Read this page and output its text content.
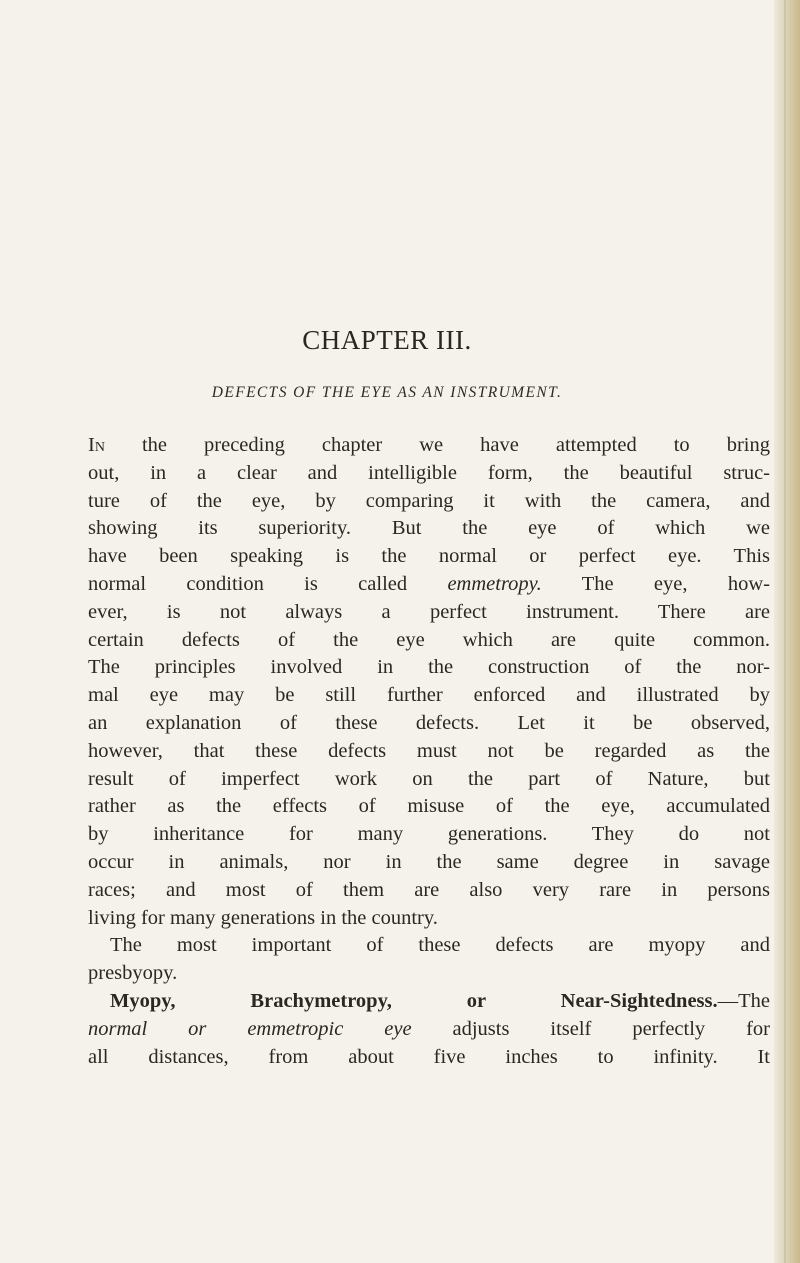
CHAPTER III.
DEFECTS OF THE EYE AS AN INSTRUMENT.
In the preceding chapter we have attempted to bring
out, in a clear and intelligible form, the beautiful struc-
ture of the eye, by comparing it with the camera, and
showing its superiority. But the eye of which we
have been speaking is the normal or perfect eye. This
normal condition is called emmetropy. The eye, how-
ever, is not always a perfect instrument. There are
certain defects of the eye which are quite common.
The principles involved in the construction of the nor-
mal eye may be still further enforced and illustrated by
an explanation of these defects. Let it be observed,
however, that these defects must not be regarded as the
result of imperfect work on the part of Nature, but
rather as the effects of misuse of the eye, accumulated
by inheritance for many generations. They do not
occur in animals, nor in the same degree in savage
races; and most of them are also very rare in persons
living for many generations in the country.
The most important of these defects are myopy and
presbyopy.
Myopy, Brachymetropy, or Near-Sightedness.—The
normal or emmetropic eye adjusts itself perfectly for
all distances, from about five inches to infinity. It
